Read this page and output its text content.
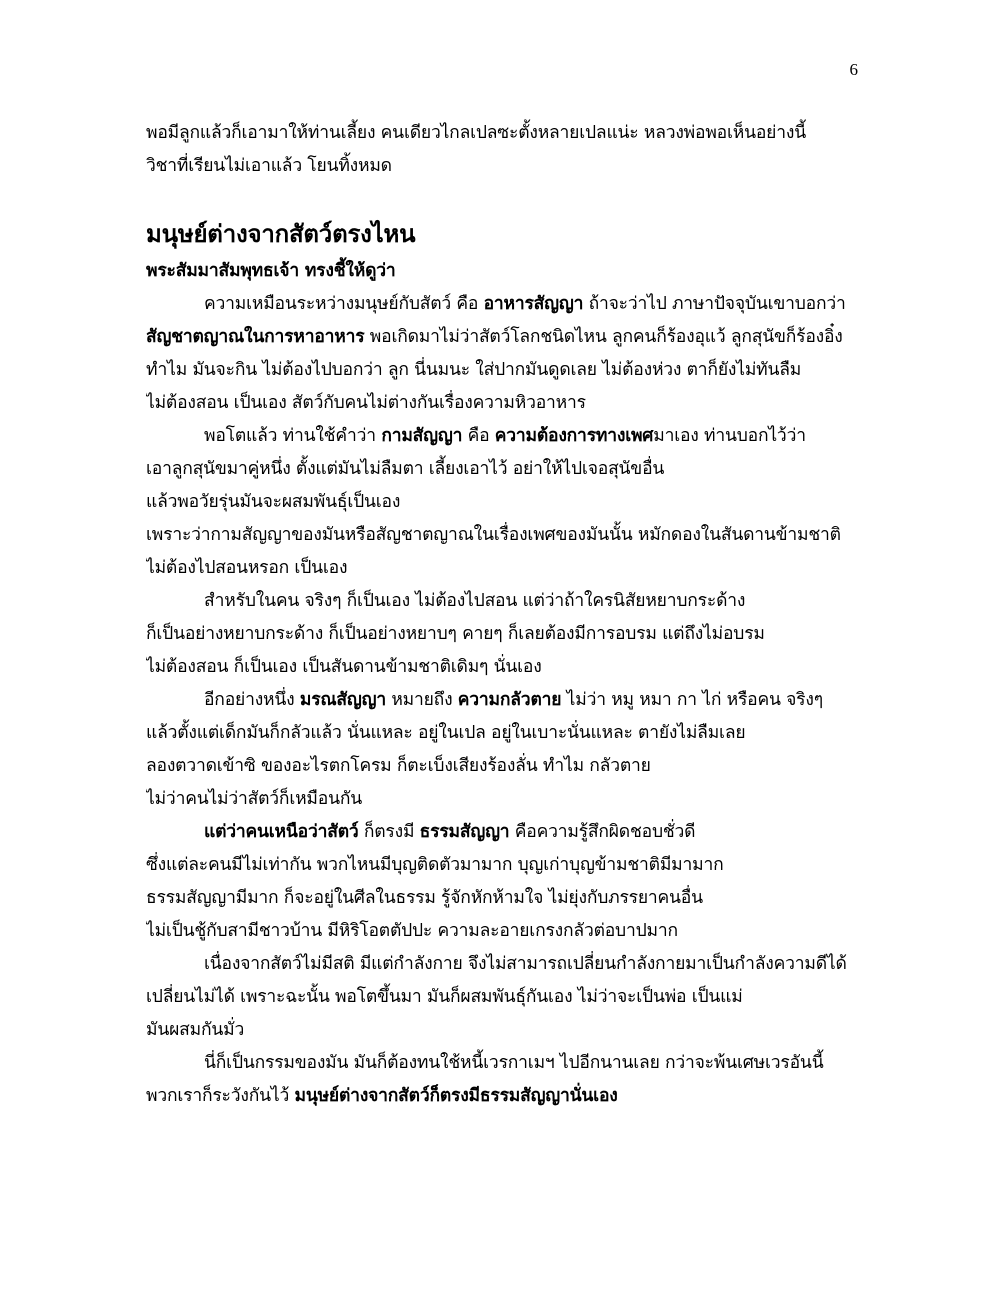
6
พอมีลูกแล้วก็เอามาให้ท่านเลี้ยง คนเดียวไกลเปลซะตั้งหลายเปลแน่ะ หลวงพ่อพอเห็นอย่างนี้
วิชาที่เรียนไม่เอาแล้ว โยนทิ้งหมด
มนุษย์ต่างจากสัตว์ตรงไหน
พระสัมมาสัมพุทธเจ้า ทรงชี้ให้ดูว่า
ความเหมือนระหว่างมนุษย์กับสัตว์ คือ อาหารสัญญา ถ้าจะว่าไป ภาษาปัจจุบันเขาบอกว่า
สัญชาตญาณในการหาอาหาร พอเกิดมาไม่ว่าสัตว์โลกชนิดไหน ลูกคนก็ร้องอุแว้ ลูกสุนัขก็ร้องอิ๋ง
ทำไม มันจะกิน ไม่ต้องไปบอกว่า ลูก นี่นมนะ ใส่ปากมันดูดเลย ไม่ต้องห่วง ตาก็ยังไม่ทันลืม
ไม่ต้องสอน เป็นเอง สัตว์กับคนไม่ต่างกันเรื่องความหิวอาหาร
พอโตแล้ว ท่านใช้คำว่า กามสัญญา คือ ความต้องการทางเพศมาเอง ท่านบอกไว้ว่า
เอาลูกสุนัขมาคู่หนึ่ง ตั้งแต่มันไม่ลืมตา เลี้ยงเอาไว้ อย่าให้ไปเจอสุนัขอื่น
แล้วพอวัยรุ่นมันจะผสมพันธุ์เป็นเอง
เพราะว่ากามสัญญาของมันหรือสัญชาตญาณในเรื่องเพศของมันนั้น หมักดองในสันดานข้ามชาติ
ไม่ต้องไปสอนหรอก เป็นเอง
สำหรับในคน จริงๆ ก็เป็นเอง ไม่ต้องไปสอน แต่ว่าถ้าใครนิสัยหยาบกระด้าง
ก็เป็นอย่างหยาบกระด้าง ก็เป็นอย่างหยาบๆ คายๆ ก็เลยต้องมีการอบรม แต่ถึงไม่อบรม
ไม่ต้องสอน ก็เป็นเอง เป็นสันดานข้ามชาติเดิมๆ นั่นเอง
อีกอย่างหนึ่ง มรณสัญญา หมายถึง ความกลัวตาย ไม่ว่า หมู หมา กา ไก่ หรือคน จริงๆ
แล้วตั้งแต่เด็กมันก็กลัวแล้ว นั่นแหละ อยู่ในเปล อยู่ในเบาะนั่นแหละ ตายังไม่ลืมเลย
ลองตวาดเข้าซิ ของอะไรตกโครม ก็ตะเบ็งเสียงร้องลั่น ทำไม กลัวตาย
ไม่ว่าคนไม่ว่าสัตว์ก็เหมือนกัน
แต่ว่าคนเหนือว่าสัตว์ ก็ตรงมี ธรรมสัญญา คือความรู้สึกผิดชอบชั่วดี
ซึ่งแต่ละคนมีไม่เท่ากัน พวกไหนมีบุญติดตัวมามาก บุญเก่าบุญข้ามชาติมีมามาก
ธรรมสัญญามีมาก ก็จะอยู่ในศีลในธรรม รู้จักหักห้ามใจ ไม่ยุ่งกับภรรยาคนอื่น
ไม่เป็นชู้กับสามีชาวบ้าน มีหิริโอตตัปปะ ความละอายเกรงกลัวต่อบาปมาก
เนื่องจากสัตว์ไม่มีสติ มีแต่กำลังกาย จึงไม่สามารถเปลี่ยนกำลังกายมาเป็นกำลังความดีได้
เปลี่ยนไม่ได้ เพราะฉะนั้น พอโตขึ้นมา มันก็ผสมพันธุ์กันเอง ไม่ว่าจะเป็นพ่อ เป็นแม่
มันผสมกันมั่ว
นี่ก็เป็นกรรมของมัน มันก็ต้องทนใช้หนี้เวรกาเมฯ ไปอีกนานเลย กว่าจะพ้นเศษเวรอันนี้
พวกเราก็ระวังกันไว้ มนุษย์ต่างจากสัตว์ก็ตรงมีธรรมสัญญานั่นเอง
